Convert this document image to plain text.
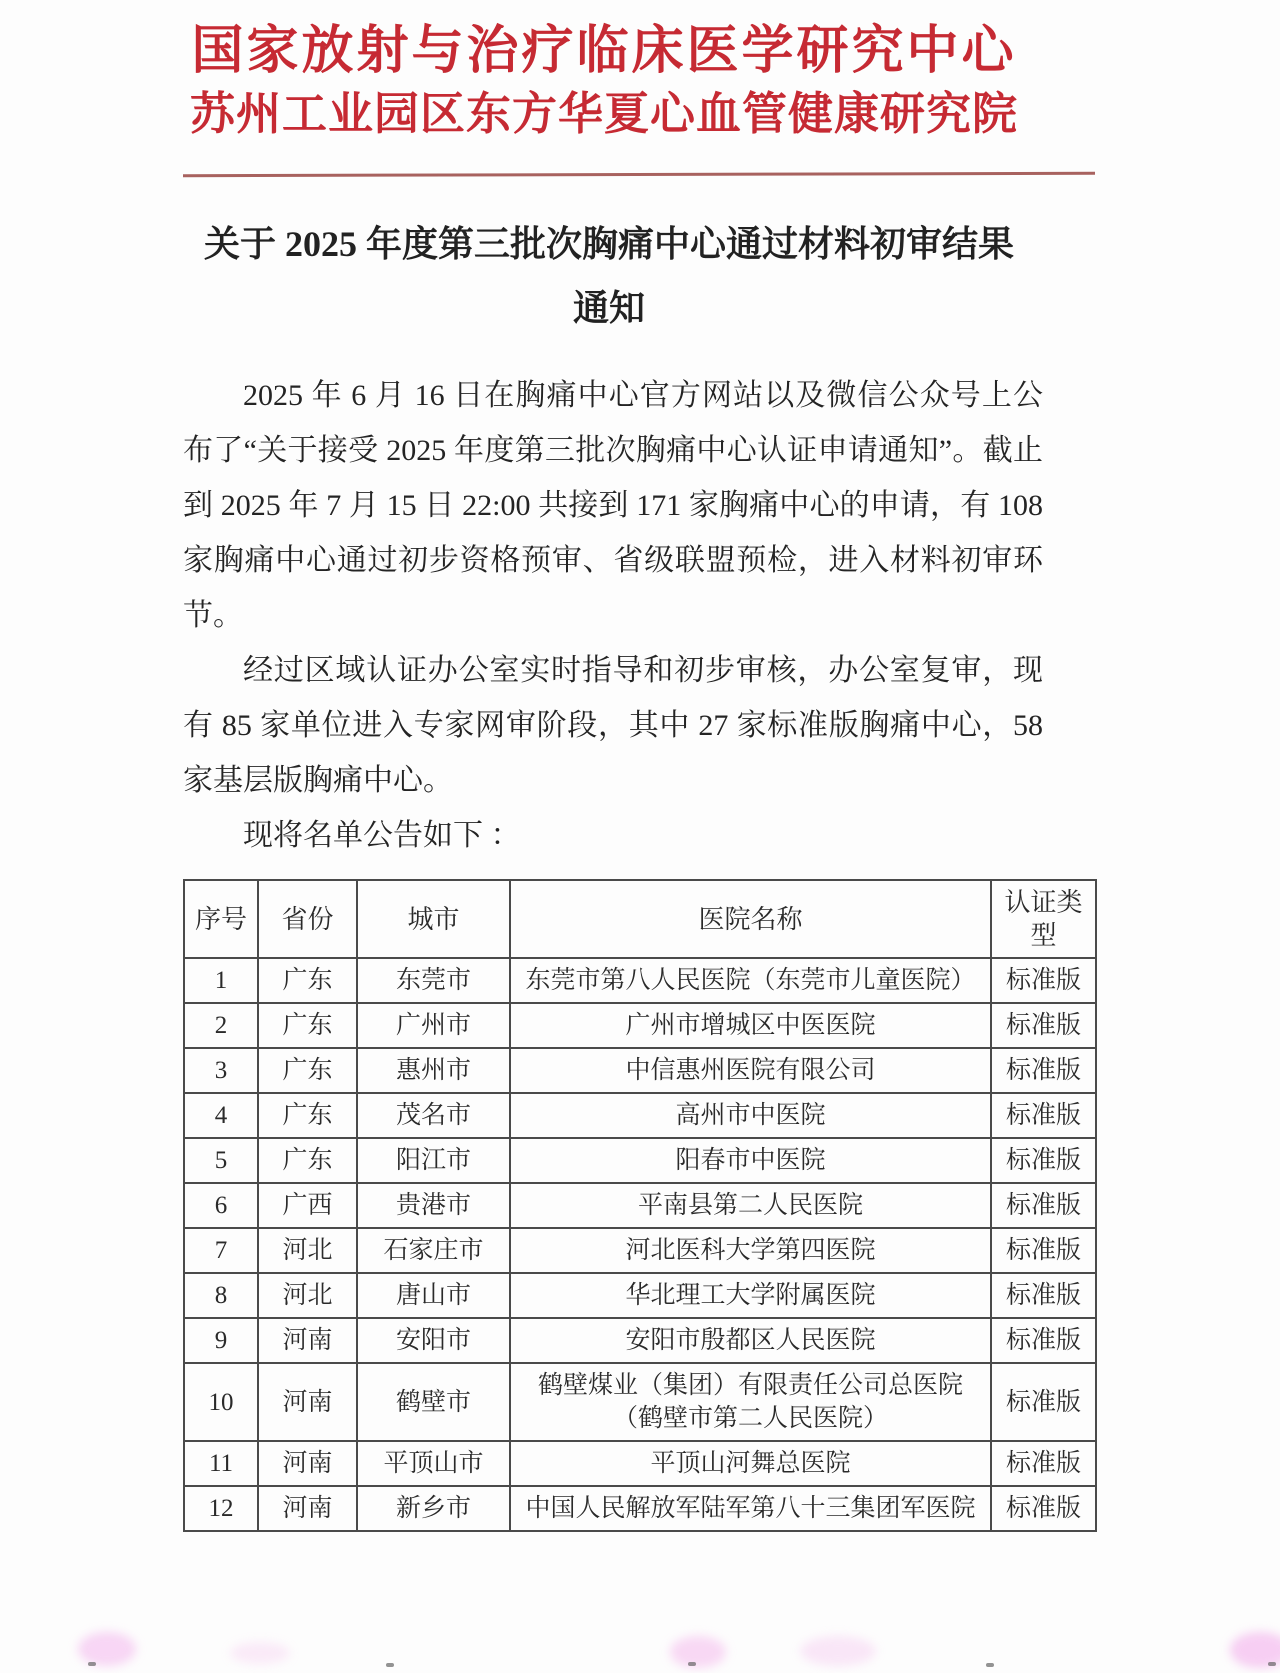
国家放射与治疗临床医学研究中心
苏州工业园区东方华夏心血管健康研究院
关于 2025 年度第三批次胸痛中心通过材料初审结果
通知

2025 年 6 月 16 日在胸痛中心官方网站以及微信公众号上公布了“关于接受 2025 年度第三批次胸痛中心认证申请通知”。截止到 2025 年 7 月 15 日 22:00 共接到 171 家胸痛中心的申请，有 108 家胸痛中心通过初步资格预审、省级联盟预检，进入材料初审环节。

经过区域认证办公室实时指导和初步审核，办公室复审，现有 85 家单位进入专家网审阶段，其中 27 家标准版胸痛中心，58 家基层版胸痛中心。

现将名单公告如下 ：

序号	省份	城市	医院名称	认证类型
1	广东	东莞市	东莞市第八人民医院（东莞市儿童医院）	标准版
2	广东	广州市	广州市增城区中医医院	标准版
3	广东	惠州市	中信惠州医院有限公司	标准版
4	广东	茂名市	高州市中医院	标准版
5	广东	阳江市	阳春市中医院	标准版
6	广西	贵港市	平南县第二人民医院	标准版
7	河北	石家庄市	河北医科大学第四医院	标准版
8	河北	唐山市	华北理工大学附属医院	标准版
9	河南	安阳市	安阳市殷都区人民医院	标准版
10	河南	鹤壁市	鹤壁煤业（集团）有限责任公司总医院（鹤壁市第二人民医院）	标准版
11	河南	平顶山市	平顶山河舞总医院	标准版
12	河南	新乡市	中国人民解放军陆军第八十三集团军医院	标准版
